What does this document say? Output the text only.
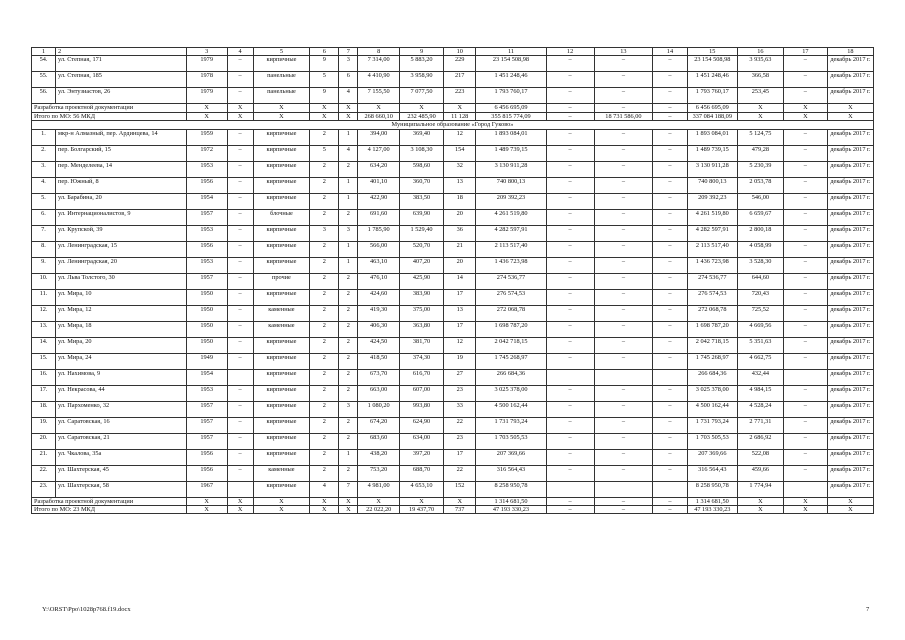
1	2	3	4	5	6	7	8	9	10	11	12	13	14	15	16	17	18
54.	ул. Степная, 171	1979	–	кирпичные	9	3	7 314,00	5 883,20	229	23 154 508,98	–	–	–	23 154 508,98	3 935,63	–	декабрь 2017 г.
55.	ул. Степная, 185	1978	–	панельные	5	6	4 410,90	3 958,90	217	1 451 248,46	–	–	–	1 451 248,46	366,58	–	декабрь 2017 г.
56.	ул. Энтузиастов, 26	1979	–	панельные	9	4	7 155,50	7 077,50	223	1 793 760,17	–	–	–	1 793 760,17	253,45	–	декабрь 2017 г.
Разработка проектной документации		X	X	X	X	X	X	X	X	6 456 695,09	–	–	–	6 456 695,09	X	X	X
Итого по МО: 56 МКД		X	X	X	X	X	268 660,10	232 485,90	11 128	355 815 774,09	–	18 731 586,00	–	337 084 188,09	X	X	X
Муниципальное образование «Город Гуково»																	
1.	мкр-н Алмазный, пер. Ардинцева, 14	1959	–	кирпичные	2	1	394,00	369,40	12	1 893 084,01	–	–	–	1 893 084,01	5 124,75	–	декабрь 2017 г.
2.	пер. Болгарский, 15	1972	–	кирпичные	5	4	4 127,00	3 108,30	154	1 489 739,15	–	–	–	1 489 739,15	479,28	–	декабрь 2017 г.
3.	пер. Менделеева, 14	1953	–	кирпичные	2	2	634,20	598,60	32	3 130 911,28	–	–	–	3 130 911,28	5 230,39	–	декабрь 2017 г.
4.	пер. Южный, 8	1956	–	кирпичные	2	1	401,10	360,70	13	740 800,13	–	–	–	740 800,13	2 053,78	–	декабрь 2017 г.
5.	ул. Барабина, 20	1954	–	кирпичные	2	1	422,90	383,50	18	209 392,23	–	–	–	209 392,23	546,00	–	декабрь 2017 г.
6.	ул. Интернационалистов, 9	1957	–	блочные	2	2	691,60	639,90	20	4 261 519,80	–	–	–	4 261 519,80	6 659,67	–	декабрь 2017 г.
7.	ул. Крупской, 39	1953	–	кирпичные	3	3	1 785,90	1 529,40	36	4 282 597,91	–	–	–	4 282 597,91	2 800,18	–	декабрь 2017 г.
8.	ул. Ленинградская, 15	1956	–	кирпичные	2	1	566,00	520,70	21	2 113 517,40	–	–	–	2 113 517,40	4 058,99	–	декабрь 2017 г.
9.	ул. Ленинградская, 20	1953	–	кирпичные	2	1	463,10	407,20	20	1 436 723,98	–	–	–	1 436 723,98	3 528,30	–	декабрь 2017 г.
10.	ул. Льва Толстого, 30	1957	–	прочие	2	2	476,10	425,90	14	274 536,77	–	–	–	274 536,77	644,60	–	декабрь 2017 г.
11.	ул. Мира, 10	1950	–	кирпичные	2	2	424,60	383,90	17	276 574,53	–	–	–	276 574,53	720,43	–	декабрь 2017 г.
12.	ул. Мира, 12	1950	–	каменные	2	2	419,30	375,00	13	272 068,78	–	–	–	272 068,78	725,52	–	декабрь 2017 г.
13.	ул. Мира, 18	1950	–	каменные	2	2	406,30	363,80	17	1 698 787,20	–	–	–	1 698 787,20	4 669,56	–	декабрь 2017 г.
14.	ул. Мира, 20	1950	–	кирпичные	2	2	424,50	381,70	12	2 042 718,15	–	–	–	2 042 718,15	5 351,63	–	декабрь 2017 г.
15.	ул. Мира, 24	1949	–	кирпичные	2	2	418,50	374,30	19	1 745 268,97	–	–	–	1 745 268,97	4 662,75	–	декабрь 2017 г.
16.	ул. Нахимова, 9	1954		кирпичные	2	2	673,70	616,70	27	266 684,36				266 684,36	432,44		декабрь 2017 г.
17.	ул. Некрасова, 44	1953	–	кирпичные	2	2	663,00	607,00	23	3 025 378,00	–	–	–	3 025 378,00	4 984,15	–	декабрь 2017 г.
18.	ул. Пархоменко, 32	1957	–	кирпичные	2	3	1 080,20	993,80	33	4 500 162,44	–	–	–	4 500 162,44	4 528,24	–	декабрь 2017 г.
19.	ул. Саратовская, 16	1957	–	кирпичные	2	2	674,20	624,90	22	1 731 793,24	–	–	–	1 731 793,24	2 771,31	–	декабрь 2017 г.
20.	ул. Саратовская, 21	1957	–	кирпичные	2	2	683,60	634,00	23	1 703 505,53	–	–	–	1 703 505,53	2 686,92	–	декабрь 2017 г.
21.	ул. Чкалова, 35а	1956	–	кирпичные	2	1	438,20	397,20	17	207 369,66	–	–	–	207 369,66	522,08	–	декабрь 2017 г.
22.	ул. Шахтерская, 45	1956	–	каменные	2	2	753,20	688,70	22	316 564,43	–	–	–	316 564,43	459,66	–	декабрь 2017 г.
23.	ул. Шахтерская, 58	1967		кирпичные	4	7	4 981,00	4 653,10	152	8 258 950,78				8 258 950,78	1 774,94		декабрь 2017 г.
Разработка проектной документации		X	X	X	X	X	X	X	X	1 314 681,50	–	–	–	1 314 681,50	X	X	X
Итого по МО: 23 МКД		X	X	X	X	X	22 022,20	19 437,70	737	47 193 330,23	–	–	–	47 193 330,23	X	X	X
Y:\ORST\Ppo\1028p768.f19.docx	7
